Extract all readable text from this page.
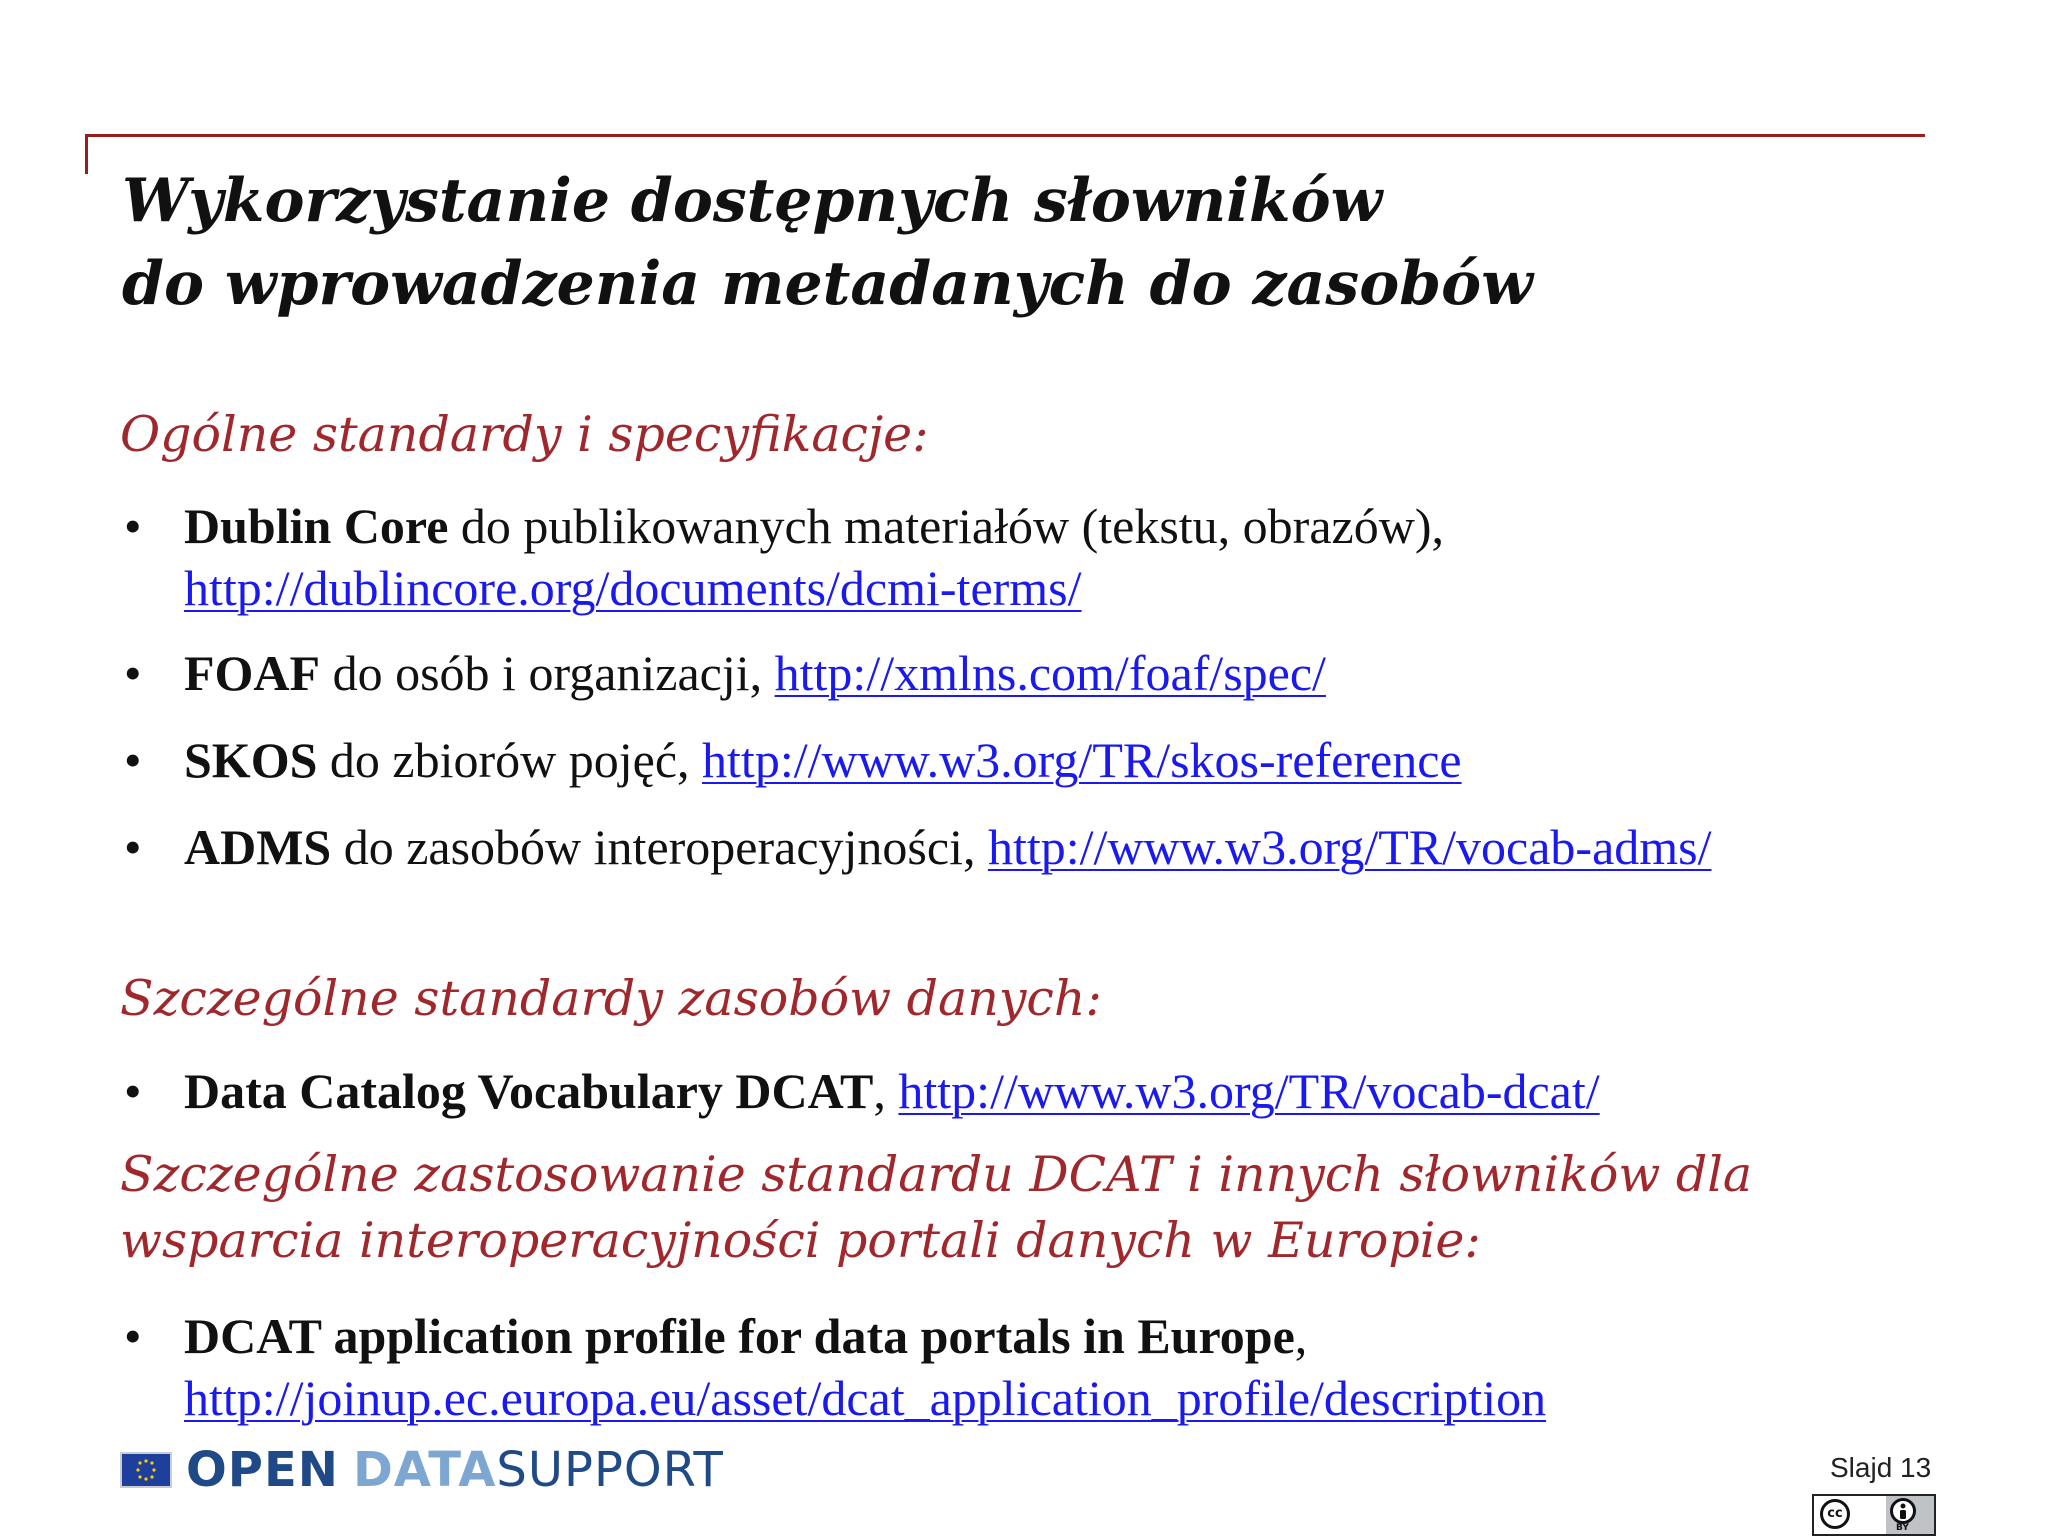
Wykorzystanie dostępnych słowników
do wprowadzenia metadanych do zasobów
Ogólne standardy i specyfikacje:
• Dublin Core do publikowanych materiałów (tekstu, obrazów),
http://dublincore.org/documents/dcmi-terms/
• FOAF do osób i organizacji, http://xmlns.com/foaf/spec/
• SKOS do zbiorów pojęć, http://www.w3.org/TR/skos-reference
• ADMS do zasobów interoperacyjności, http://www.w3.org/TR/vocab-adms/
Szczególne standardy zasobów danych:
• Data Catalog Vocabulary DCAT, http://www.w3.org/TR/vocab-dcat/
Szczególne zastosowanie standardu DCAT i innych słowników dla
wsparcia interoperacyjności portali danych w Europie:
• DCAT application profile for data portals in Europe,
http://joinup.ec.europa.eu/asset/dcat_application_profile/description
OPEN DATASUPPORT	Slajd 13
cc
BY
